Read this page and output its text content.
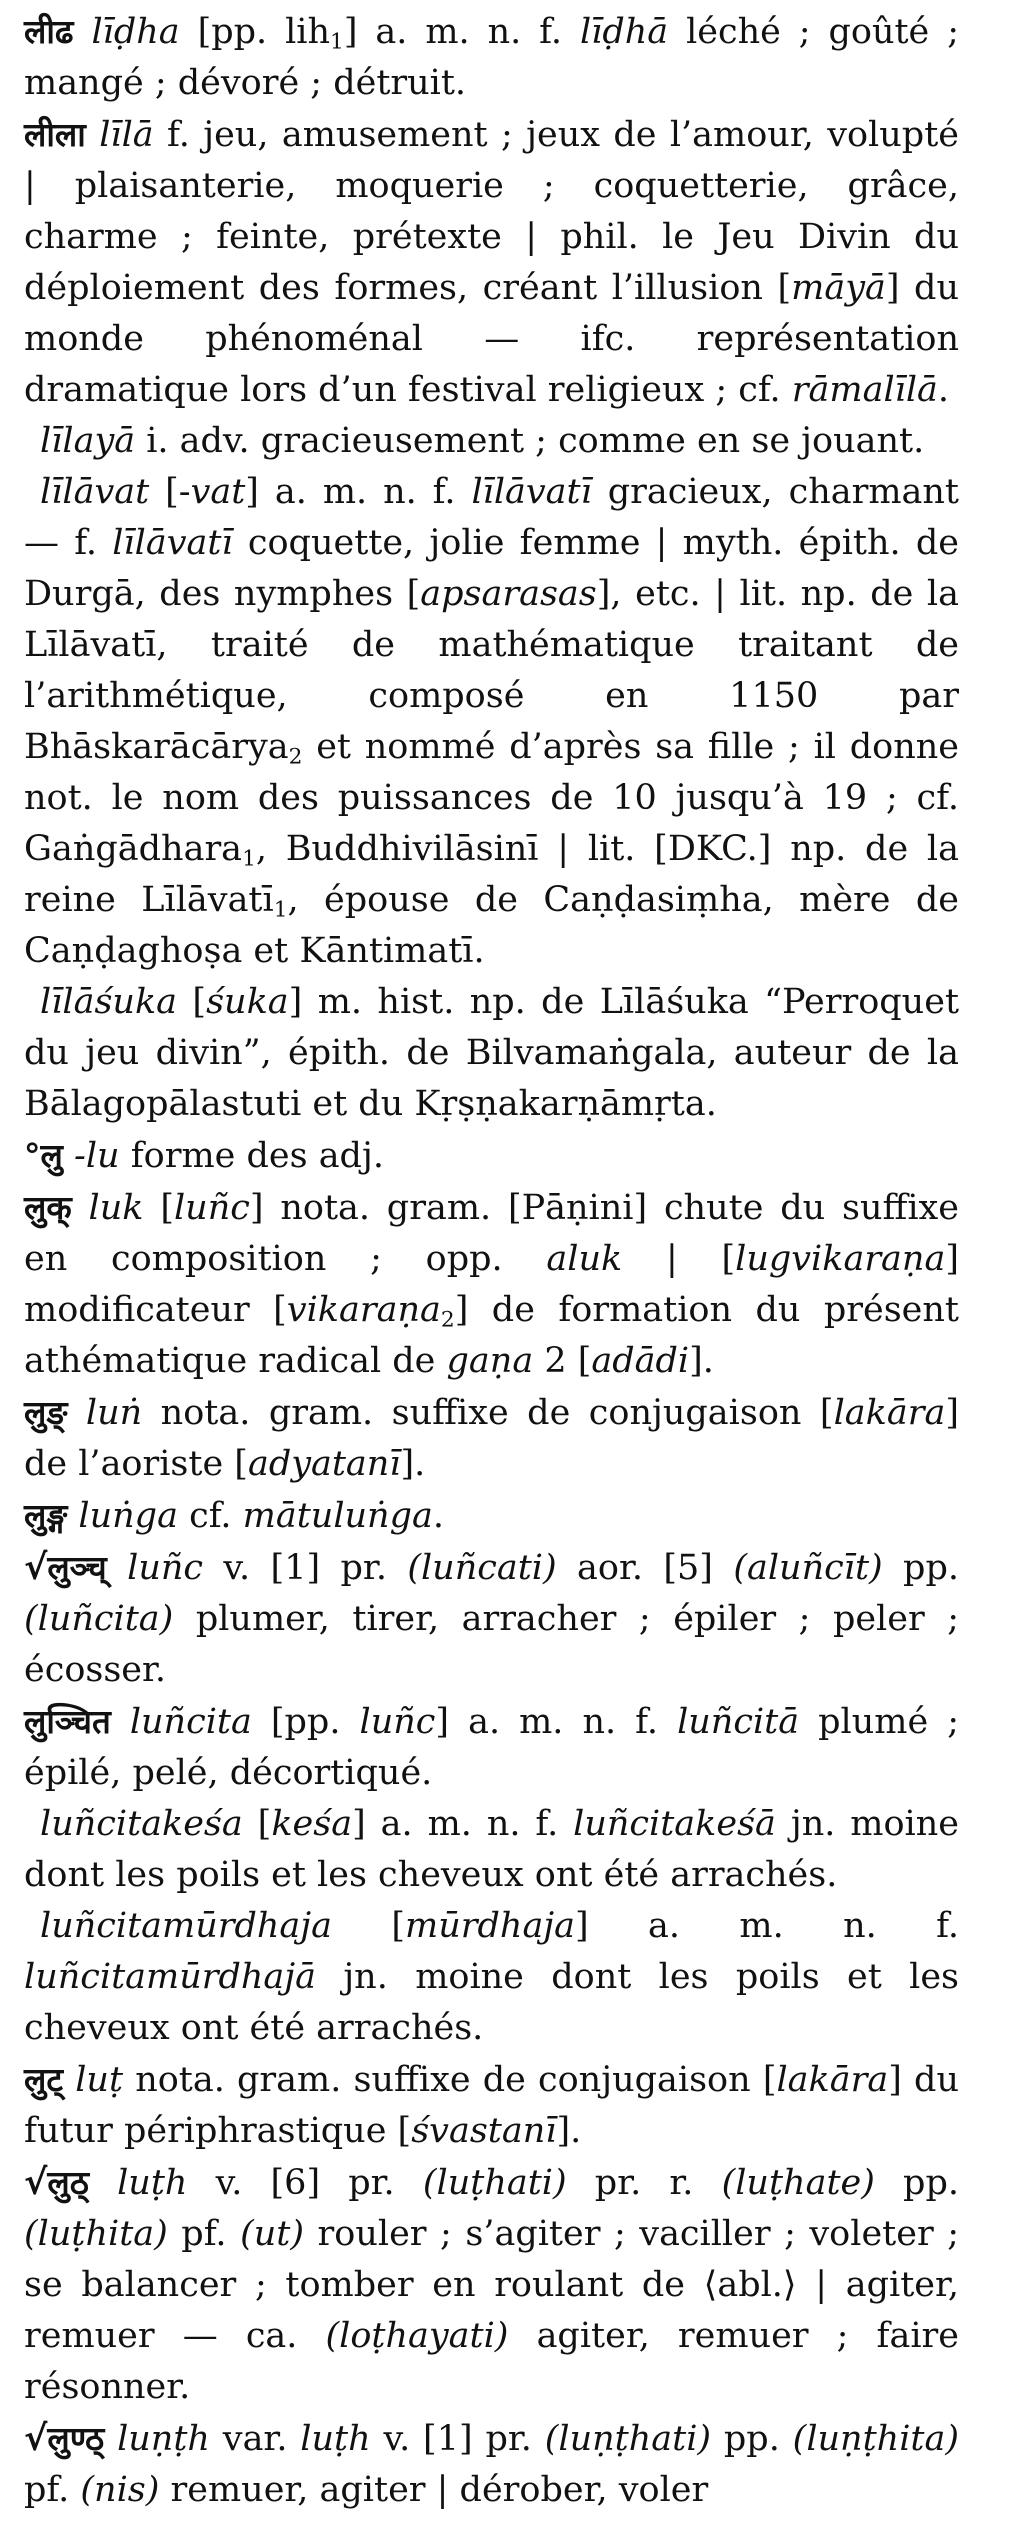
लीढ līḍha [pp. lih$_1$] a. m. n. f. līḍhā léché ; goûté ; mangé ; dévoré ; détruit.

लीला līlā f. jeu, amusement ; jeux de l’amour, volupté | plaisanterie, moquerie ; coquetterie, grâce, charme ; feinte, prétexte | phil. le Jeu Divin du déploiement des formes, créant l’illusion [māyā] du monde phénoménal — ifc. représentation dramatique lors d’un festival religieux ; cf. rāmalīlā.

līlayā i. adv. gracieusement ; comme en se jouant.

līlāvat [-vat] a. m. n. f. līlāvatī gracieux, charmant — f. līlāvatī coquette, jolie femme | myth. épith. de Durgā, des nymphes [apsarasas], etc. | lit. np. de la Līlāvatī, traité de mathématique traitant de l’arithmétique, composé en 1150 par Bhāskarācārya$_2$ et nommé d’après sa fille ; il donne not. le nom des puissances de 10 jusqu’à 19 ; cf. Gaṅgādhara$_1$, Buddhivilāsinī | lit. [DKC.] np. de la reine Līlāvatī$_1$, épouse de Caṇḍasiṃha, mère de Caṇḍaghoṣa et Kāntimatī.

līlāśuka [śuka] m. hist. np. de Līlāśuka “Perroquet du jeu divin”, épith. de Bilvamaṅgala, auteur de la Bālagopālastuti et du Kṛṣṇakarṇāmṛta.

°लु -lu forme des adj.

लुक् luk [luñc] nota. gram. [Pāṇini] chute du suffixe en composition ; opp. aluk | [lugvikaraṇa] modificateur [vikaraṇa$_2$] de formation du présent athématique radical de gaṇa 2 [adādi].

लुङ् luṅ nota. gram. suffixe de conjugaison [lakāra] de l’aoriste [adyatanī].

लुङ्ग luṅga cf. mātuluṅga.

√लुञ्च् luñc v. [1] pr. (luñcati) aor. [5] (aluñcīt) pp. (luñcita) plumer, tirer, arracher ; épiler ; peler ; écosser.

लुञ्चित luñcita [pp. luñc] a. m. n. f. luñcitā plumé ; épilé, pelé, décortiqué.

luñcitakeśa [keśa] a. m. n. f. luñcitakeśā jn. moine dont les poils et les cheveux ont été arrachés.

luñcitamūrdhaja [mūrdhaja] a. m. n. f. luñcitamūrdhajā jn. moine dont les poils et les cheveux ont été arrachés.

लुट् luṭ nota. gram. suffixe de conjugaison [lakāra] du futur périphrastique [śvastanī].

√लुठ् luṭh v. [6] pr. (luṭhati) pr. r. (luṭhate) pp. (luṭhita) pf. (ut) rouler ; s’agiter ; vaciller ; voleter ; se balancer ; tomber en roulant de ⟨abl.⟩ | agiter, remuer — ca. (loṭhayati) agiter, remuer ; faire résonner.

√लुण्ठ् luṇṭh var. luṭh v. [1] pr. (luṇṭhati) pp. (luṇṭhita) pf. (nis) remuer, agiter | dérober, voler
